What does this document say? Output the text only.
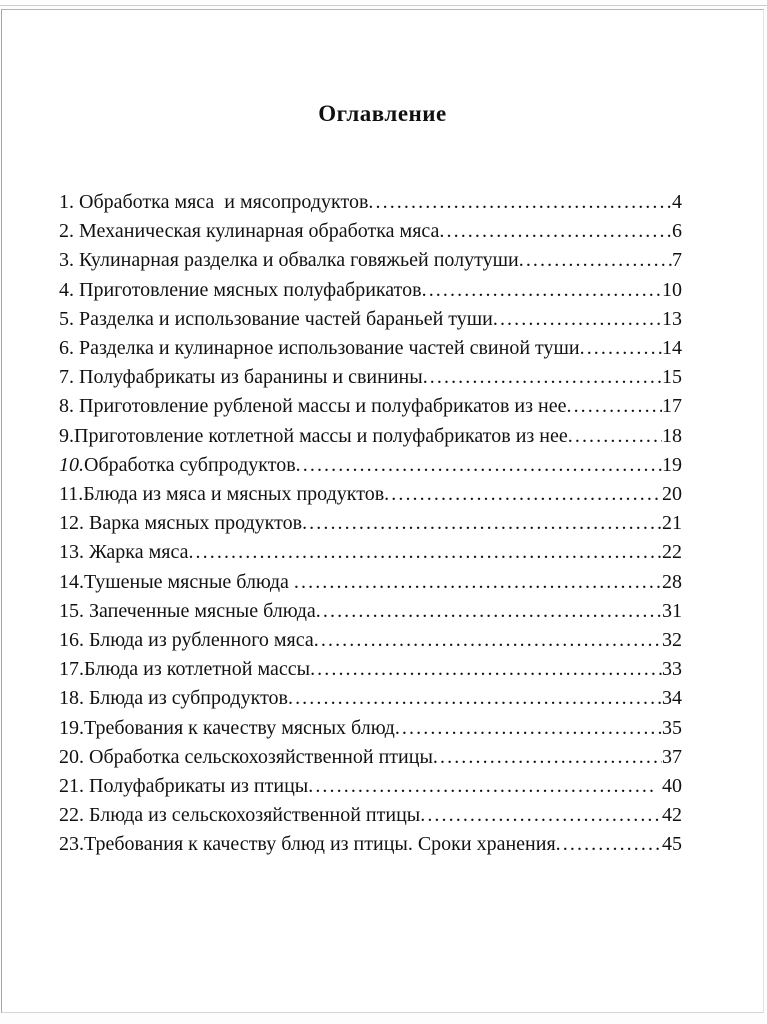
Оглавление
1. Обработка мяса  и мясопродуктов .....	4
2. Механическая кулинарная обработка мяса .....	6
3. Кулинарная разделка и обвалка говяжьей полутуши .....	7
4. Приготовление мясных полуфабрикатов .....	10
5. Разделка и использование частей бараньей туши .....	13
6. Разделка и кулинарное использование частей свиной туши .....	14
7. Полуфабрикаты из баранины и свинины .....	15
8. Приготовление рубленой массы и полуфабрикатов из нее .....	17
9. Приготовление котлетной массы и полуфабрикатов из нее .....	18
10. Обработка субпродуктов .....	19
11. Блюда из мяса и мясных продуктов .....	20
12. Варка мясных продуктов .....	21
13. Жарка мяса .....	22
14. Тушеные мясные блюда .....	28
15. Запеченные мясные блюда .....	31
16. Блюда из рубленного мяса .....	32
17. Блюда из котлетной массы .....	33
18. Блюда из субпродуктов .....	34
19. Требования к качеству мясных блюд .....	35
20. Обработка сельскохозяйственной птицы .....	37
21. Полуфабрикаты из птицы .....	40
22. Блюда из сельскохозяйственной птицы .....	42
23. Требования к качеству блюд из птицы. Сроки хранения .....	45
